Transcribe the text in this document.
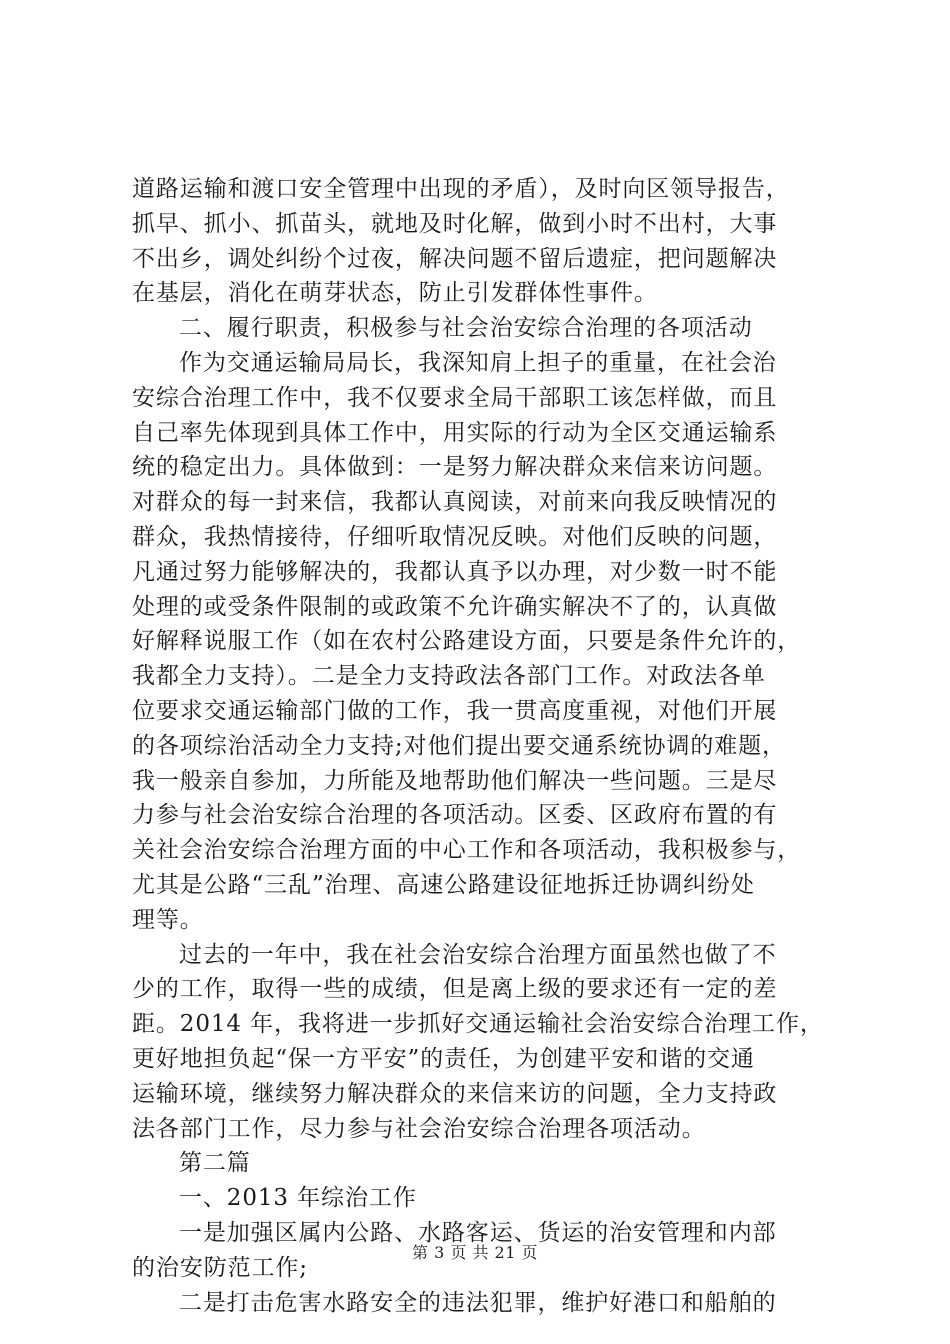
道路运输和渡口安全管理中出现的矛盾），及时向区领导报告，
抓早、抓小、抓苗头，就地及时化解，做到小时不出村，大事
不出乡，调处纠纷个过夜，解决问题不留后遗症，把问题解决
在基层，消化在萌芽状态，防止引发群体性事件。
二、履行职责，积极参与社会治安综合治理的各项活动
作为交通运输局局长，我深知肩上担子的重量，在社会治
安综合治理工作中，我不仅要求全局干部职工该怎样做，而且
自己率先体现到具体工作中，用实际的行动为全区交通运输系
统的稳定出力。具体做到：一是努力解决群众来信来访问题。
对群众的每一封来信，我都认真阅读，对前来向我反映情况的
群众，我热情接待，仔细听取情况反映。对他们反映的问题，
凡通过努力能够解决的，我都认真予以办理，对少数一时不能
处理的或受条件限制的或政策不允许确实解决不了的，认真做
好解释说服工作（如在农村公路建设方面，只要是条件允许的，
我都全力支持）。二是全力支持政法各部门工作。对政法各单
位要求交通运输部门做的工作，我一贯高度重视，对他们开展
的各项综治活动全力支持;对他们提出要交通系统协调的难题，
我一般亲自参加，力所能及地帮助他们解决一些问题。三是尽
力参与社会治安综合治理的各项活动。区委、区政府布置的有
关社会治安综合治理方面的中心工作和各项活动，我积极参与，
尤其是公路“三乱”治理、高速公路建设征地拆迁协调纠纷处
理等。
过去的一年中，我在社会治安综合治理方面虽然也做了不
少的工作，取得一些的成绩，但是离上级的要求还有一定的差
距。2014 年，我将进一步抓好交通运输社会治安综合治理工作，
更好地担负起“保一方平安”的责任，为创建平安和谐的交通
运输环境，继续努力解决群众的来信来访的问题，全力支持政
法各部门工作，尽力参与社会治安综合治理各项活动。
第二篇
一、2013 年综治工作
一是加强区属内公路、水路客运、货运的治安管理和内部
的治安防范工作;
二是打击危害水路安全的违法犯罪，维护好港口和船舶的
第 3 页 共 21 页
